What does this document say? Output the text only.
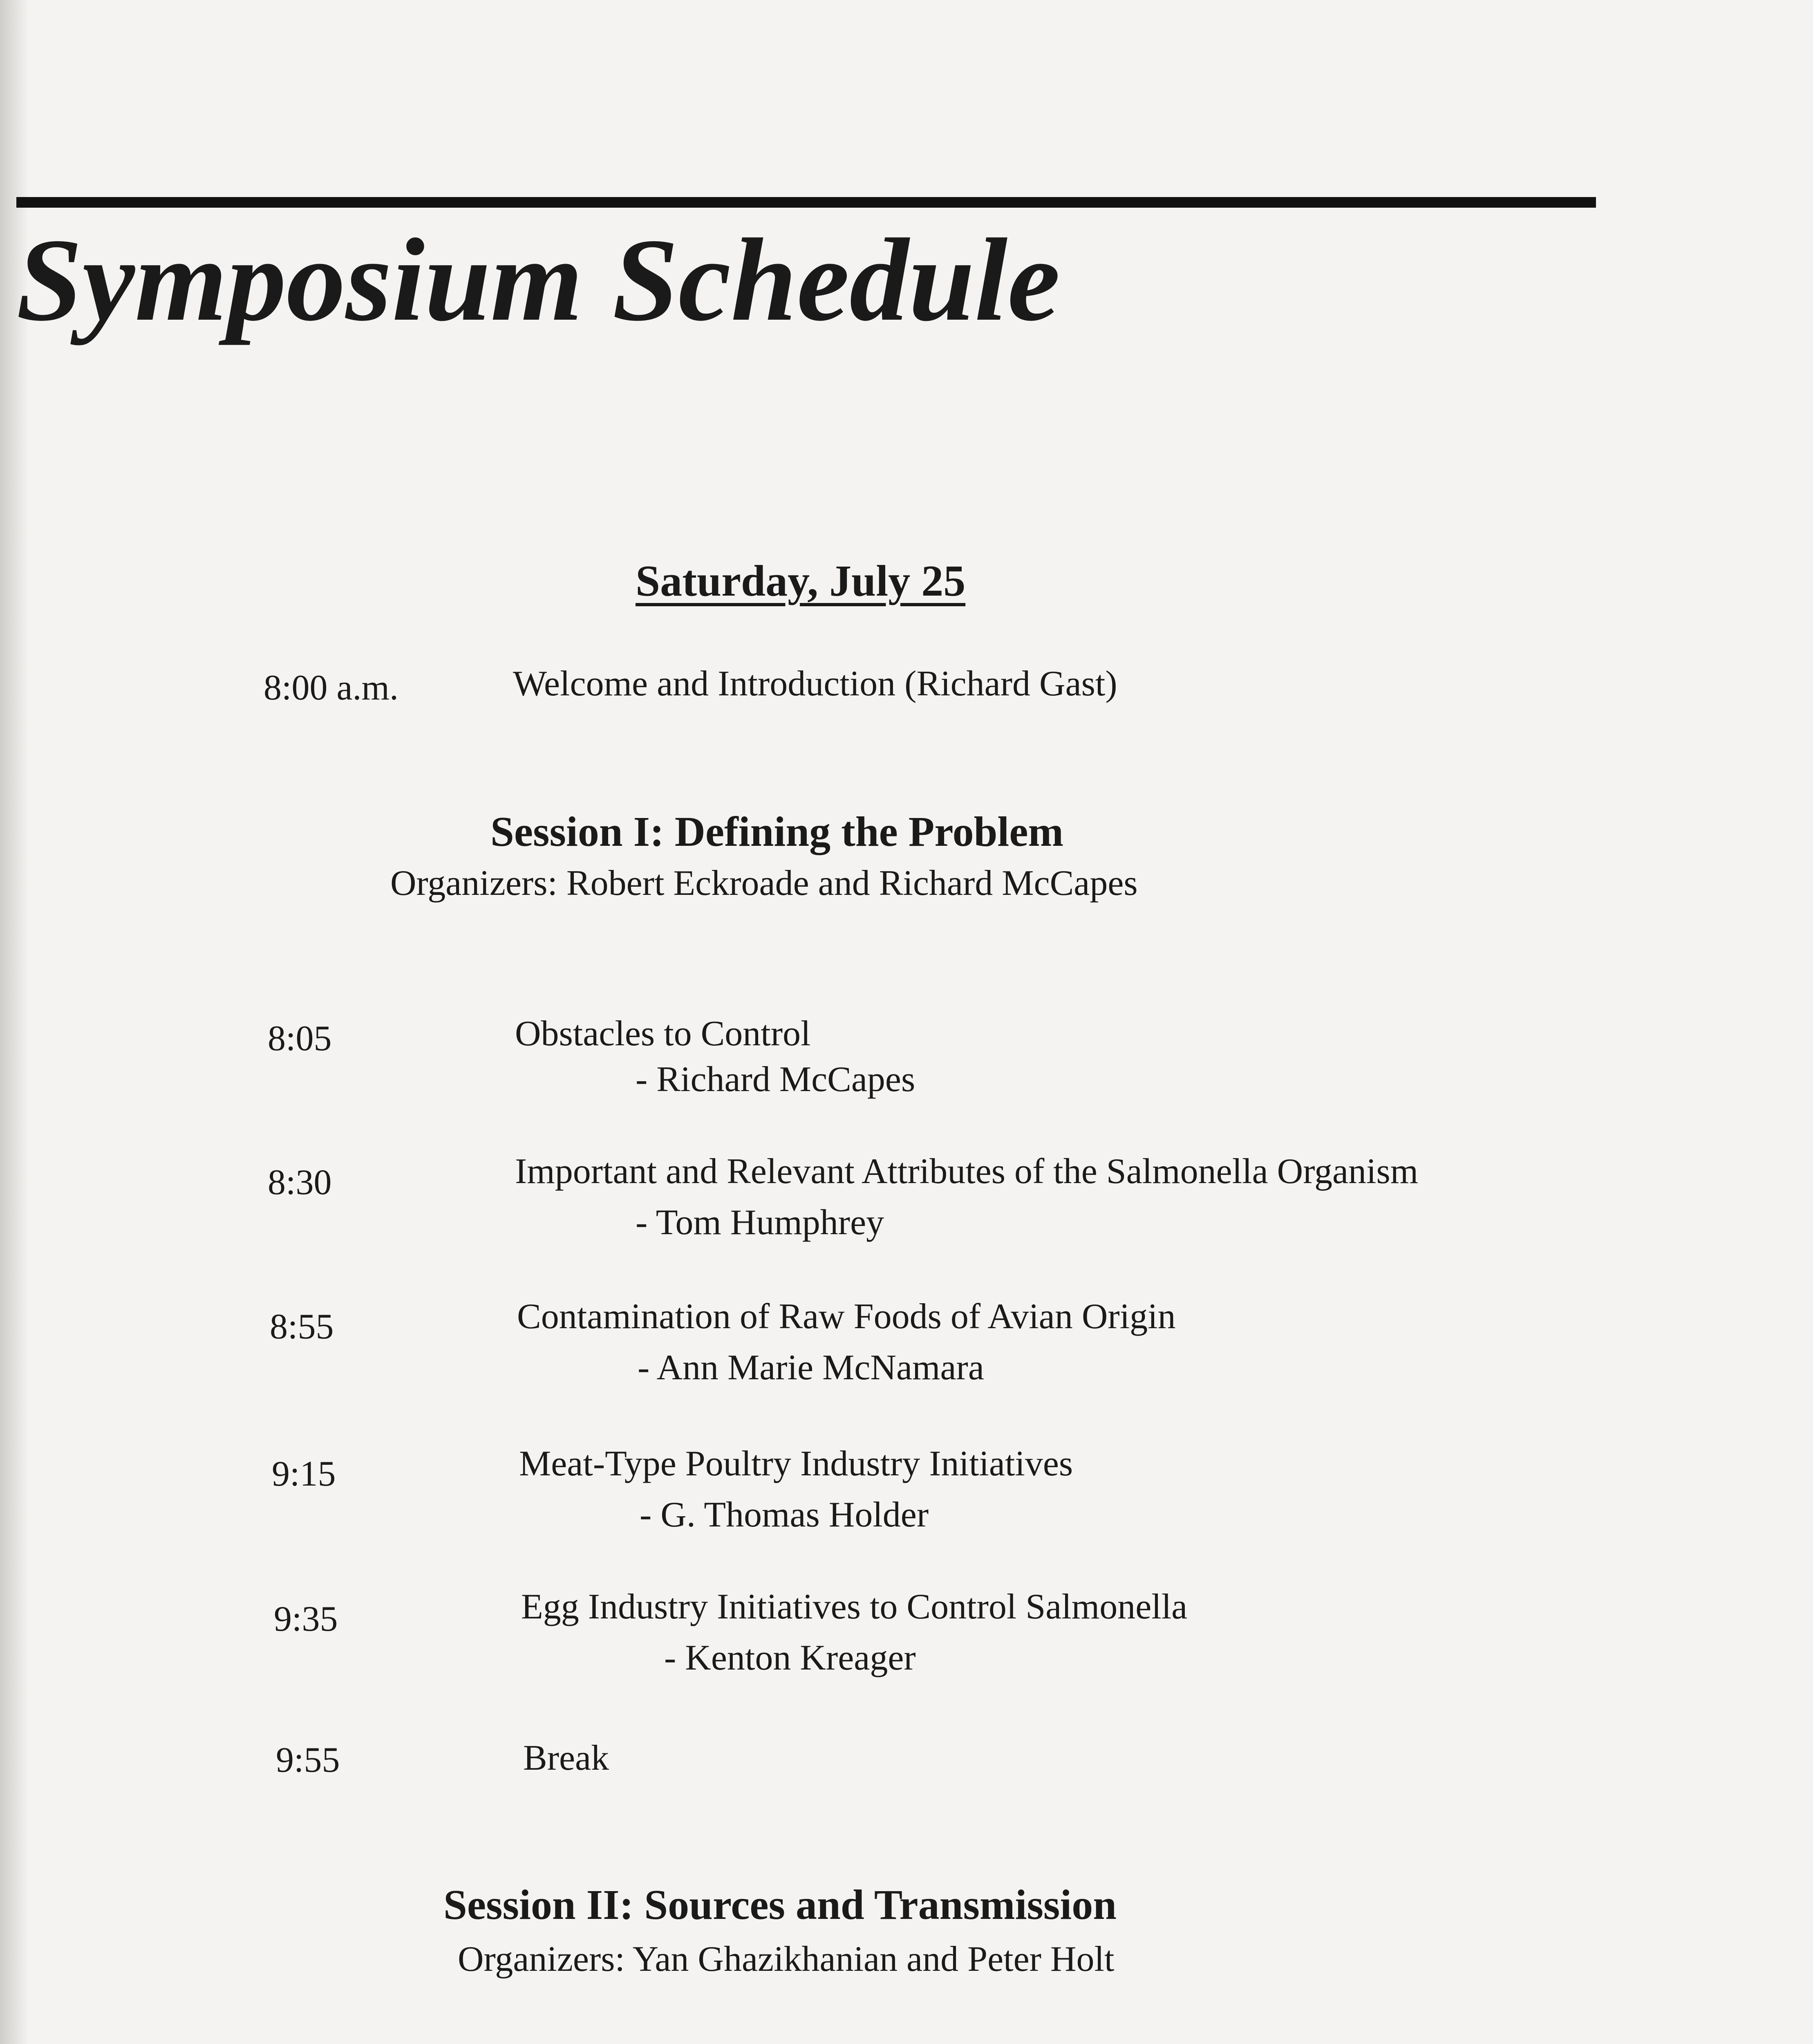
Symposium Schedule
Saturday, July 25
8:00 a.m.	Welcome and Introduction (Richard Gast)
Session I: Defining the Problem
Organizers: Robert Eckroade and Richard McCapes
8:05	Obstacles to Control
- Richard McCapes
8:30	Important and Relevant Attributes of the Salmonella Organism
- Tom Humphrey
8:55	Contamination of Raw Foods of Avian Origin
- Ann Marie McNamara
9:15	Meat-Type Poultry Industry Initiatives
- G. Thomas Holder
9:35	Egg Industry Initiatives to Control Salmonella
- Kenton Kreager
9:55	Break
Session II: Sources and Transmission
Organizers: Yan Ghazikhanian and Peter Holt
